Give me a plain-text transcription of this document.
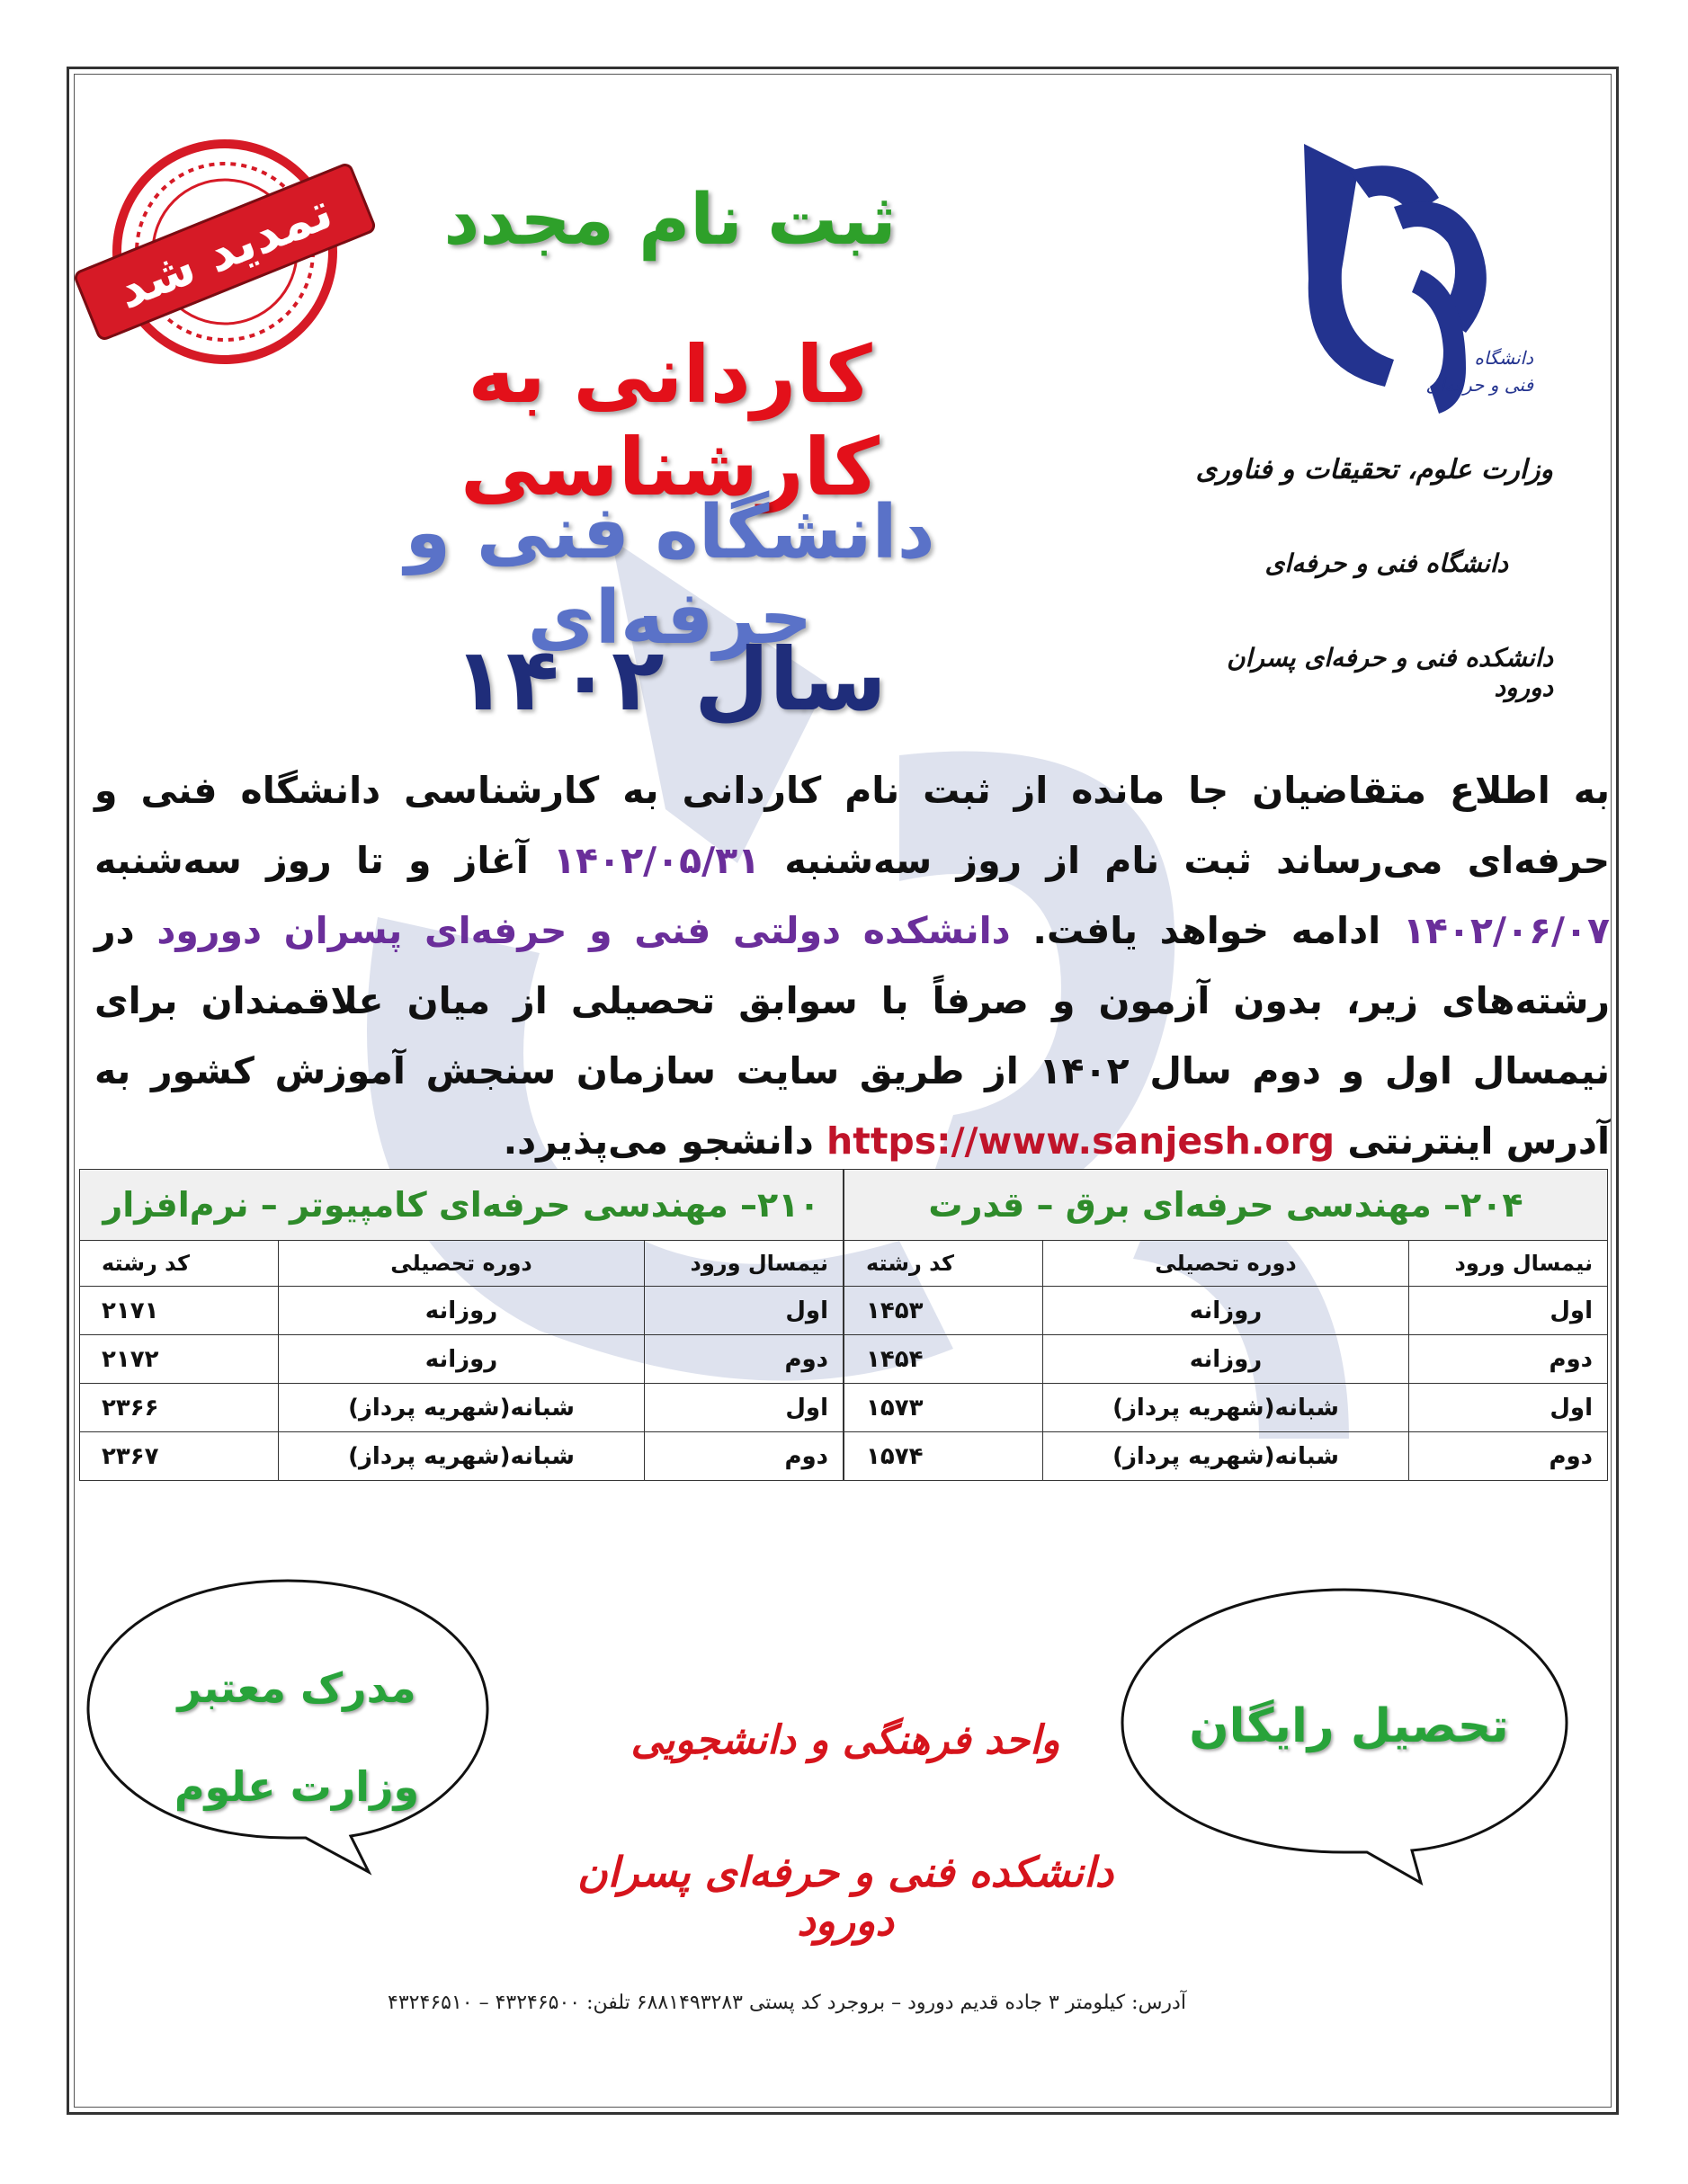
دانشگاه
فنی و حرفه‌ای
وزارت علوم، تحقیقات و فناوری
دانشگاه فنی و حرفه‌ای
دانشکده فنی و حرفه‌ای پسران دورود
تمدید شد	ثبت نام مجدد
کاردانی به کارشناسی
دانشگاه فنی و حرفه‌ای
سال ۱۴۰۲
به اطلاع متقاضیان جا مانده از ثبت نام کاردانی به کارشناسی دانشگاه فنی و حرفه‌ای می‌رساند ثبت نام از روز سه‌شنبه ۱۴۰۲/۰۵/۳۱ آغاز و تا روز سه‌شنبه ۱۴۰۲/۰۶/۰۷ ادامه خواهد یافت. دانشکده دولتی فنی و حرفه‌ای پسران دورود در رشته‌های زیر، بدون آزمون و صرفاً با سوابق تحصیلی از میان علاقمندان برای نیمسال اول و دوم سال ۱۴۰۲ از طریق سایت سازمان سنجش آموزش کشور به آدرس اینترنتی https://www.sanjesh.org دانشجو می‌پذیرد.
۲۰۴– مهندسی حرفه‌ای برق – قدرت		
نیمسال ورود	دوره تحصیلی	کد رشته
اول	روزانه	۱۴۵۳
دوم	روزانه	۱۴۵۴
اول	شبانه(شهریه پرداز)	۱۵۷۳
دوم	شبانه(شهریه پرداز)	۱۵۷۴
۲۱۰– مهندسی حرفه‌ای کامپیوتر – نرم‌افزار		
نیمسال ورود	دوره تحصیلی	کد رشته
اول	روزانه	۲۱۷۱
دوم	روزانه	۲۱۷۲
اول	شبانه(شهریه پرداز)	۲۳۶۶
دوم	شبانه(شهریه پرداز)	۲۳۶۷
مدرک معتبر
وزارت علوم
تحصیل رایگان
واحد فرهنگی و دانشجویی
دانشکده فنی و حرفه‌ای پسران دورود
آدرس: کیلومتر ۳ جاده قدیم دورود – بروجرد کد پستی ۶۸۸۱۴۹۳۲۸۳ تلفن: ۴۳۲۴۶۵۰۰ – ۴۳۲۴۶۵۱۰
